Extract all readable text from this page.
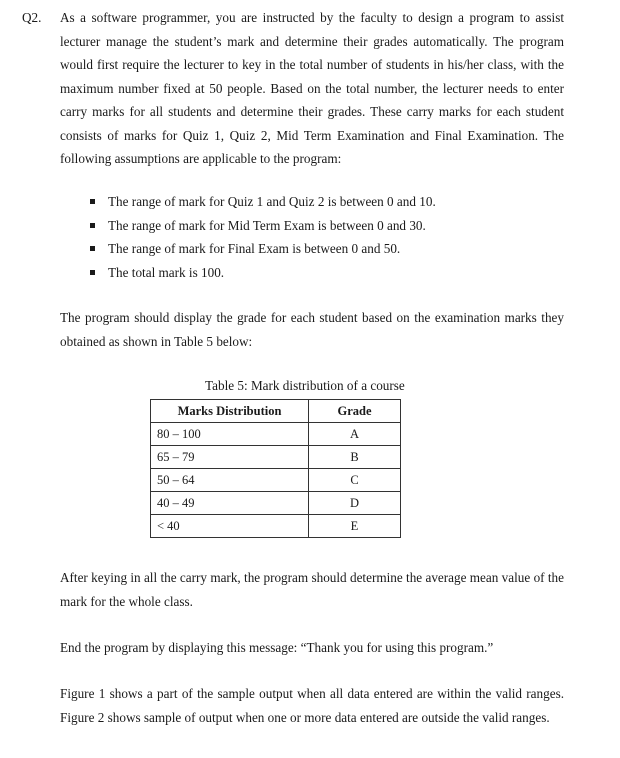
Q2. As a software programmer, you are instructed by the faculty to design a program to assist lecturer manage the student’s mark and determine their grades automatically. The program would first require the lecturer to key in the total number of students in his/her class, with the maximum number fixed at 50 people. Based on the total number, the lecturer needs to enter carry marks for all students and determine their grades. These carry marks for each student consists of marks for Quiz 1, Quiz 2, Mid Term Examination and Final Examination. The following assumptions are applicable to the program:

The range of mark for Quiz 1 and Quiz 2 is between 0 and 10.
The range of mark for Mid Term Exam is between 0 and 30.
The range of mark for Final Exam is between 0 and 50.
The total mark is 100.

The program should display the grade for each student based on the examination marks they obtained as shown in Table 5 below:

Table 5: Mark distribution of a course
Marks Distribution	Grade
80 – 100	A
65 – 79	B
50 – 64	C
40 – 49	D
< 40	E

After keying in all the carry mark, the program should determine the average mean value of the mark for the whole class.

End the program by displaying this message: “Thank you for using this program.”

Figure 1 shows a part of the sample output when all data entered are within the valid ranges. Figure 2 shows sample of output when one or more data entered are outside the valid ranges.
